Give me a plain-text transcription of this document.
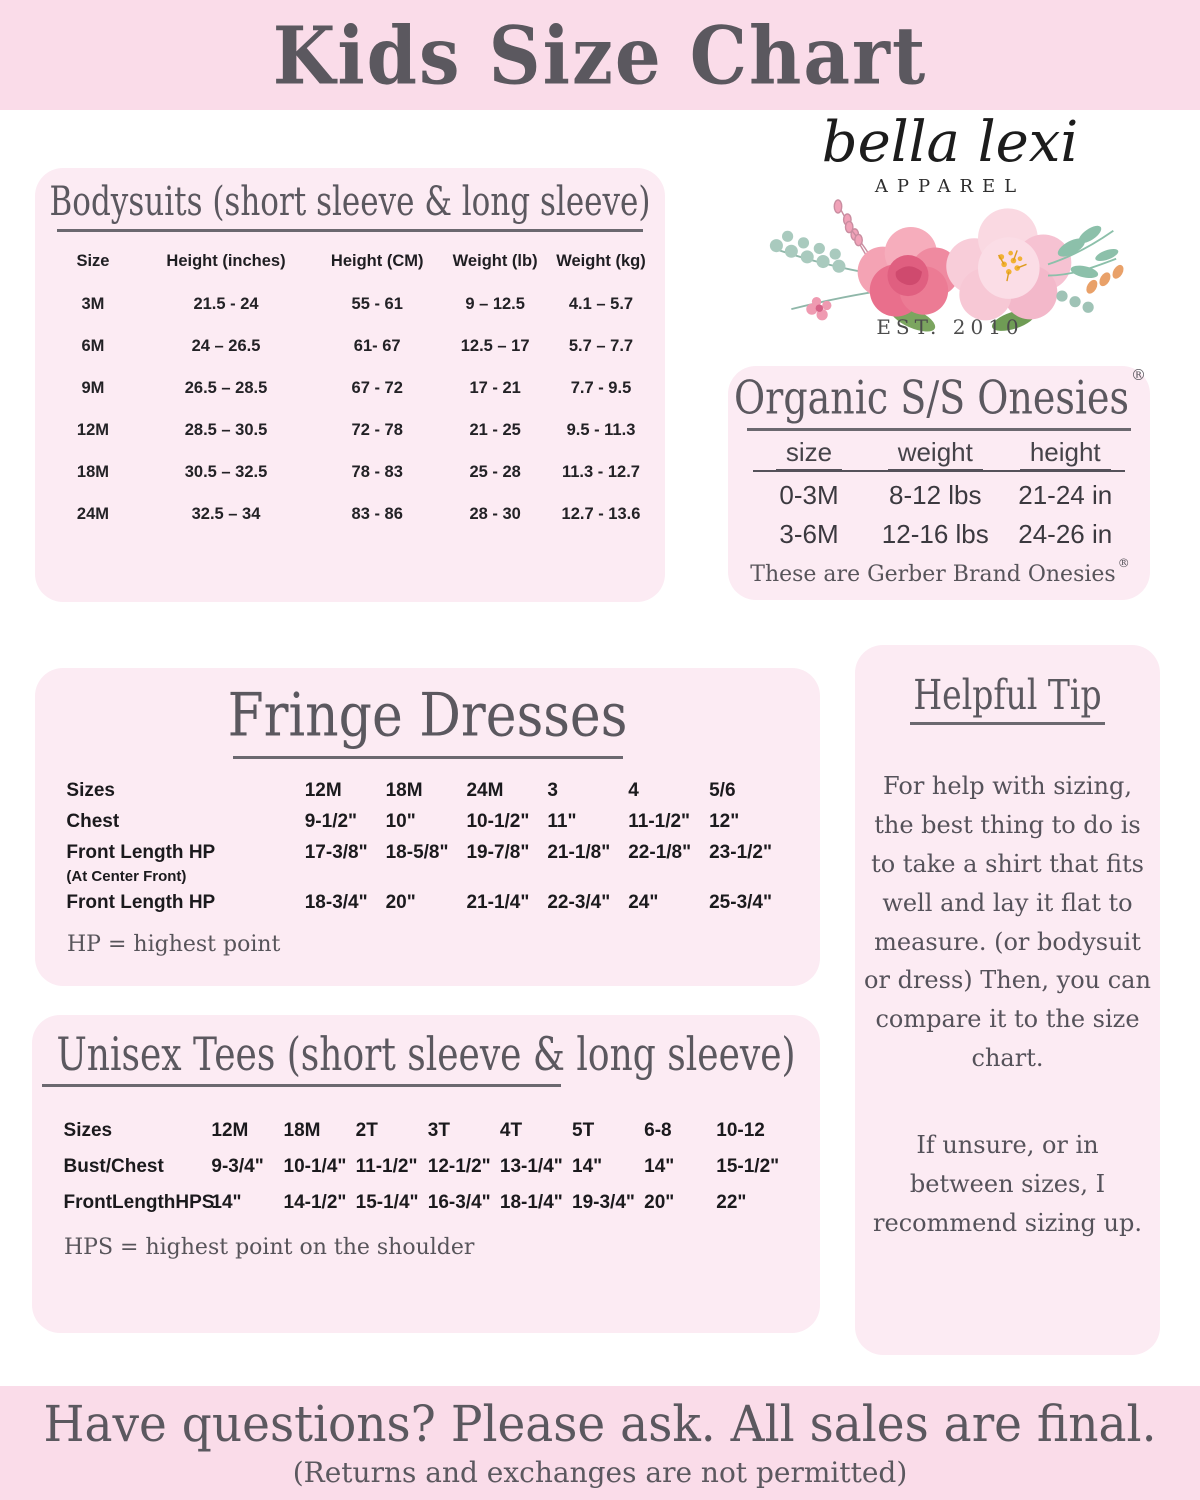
Kids Size Chart
Bodysuits (short sleeve & long sleeve)
Size	Height (inches)	Height (CM)	Weight (lb)	Weight (kg)
3M	21.5 - 24	55 - 61	9 – 12.5	4.1 – 5.7
6M	24 – 26.5	61- 67	12.5 – 17	5.7 – 7.7
9M	26.5 – 28.5	67 - 72	17 - 21	7.7 - 9.5
12M	28.5 – 30.5	72 - 78	21 - 25	9.5 - 11.3
18M	30.5 – 32.5	78 - 83	25 - 28	11.3 - 12.7
24M	32.5 – 34	83 - 86	28 - 30	12.7 - 13.6
bella lexi
APPAREL
EST. 2010
Organic S/S Onesies ®
size	weight	height
0-3M	8-12 lbs	21-24 in
3-6M	12-16 lbs	24-26 in
These are Gerber Brand Onesies ®
Fringe Dresses
Sizes	12M	18M	24M	3	4	5/6
Chest	9-1/2"	10"	10-1/2"	11"	11-1/2"	12"
Front Length HP	17-3/8"	18-5/8"	19-7/8"	21-1/8"	22-1/8"	23-1/2"
(At Center Front)						
Front Length HP	18-3/4"	20"	21-1/4"	22-3/4"	24"	25-3/4"
HP = highest point
Helpful Tip

For help with sizing, the best thing to do is to take a shirt that fits well and lay it flat to measure. (or bodysuit or dress) Then, you can compare it to the size chart.

If unsure, or in between sizes, I recommend sizing up.

Unisex Tees (short sleeve & long sleeve)
Sizes	12M	18M	2T	3T	4T	5T	6-8	10-12
Bust/Chest	9-3/4"	10-1/4"	11-1/2"	12-1/2"	13-1/4"	14"	14"	15-1/2"
FrontLengthHPS	14"	14-1/2"	15-1/4"	16-3/4"	18-1/4"	19-3/4"	20"	22"
HPS = highest point on the shoulder
Have questions? Please ask. All sales are final.
(Returns and exchanges are not permitted)
